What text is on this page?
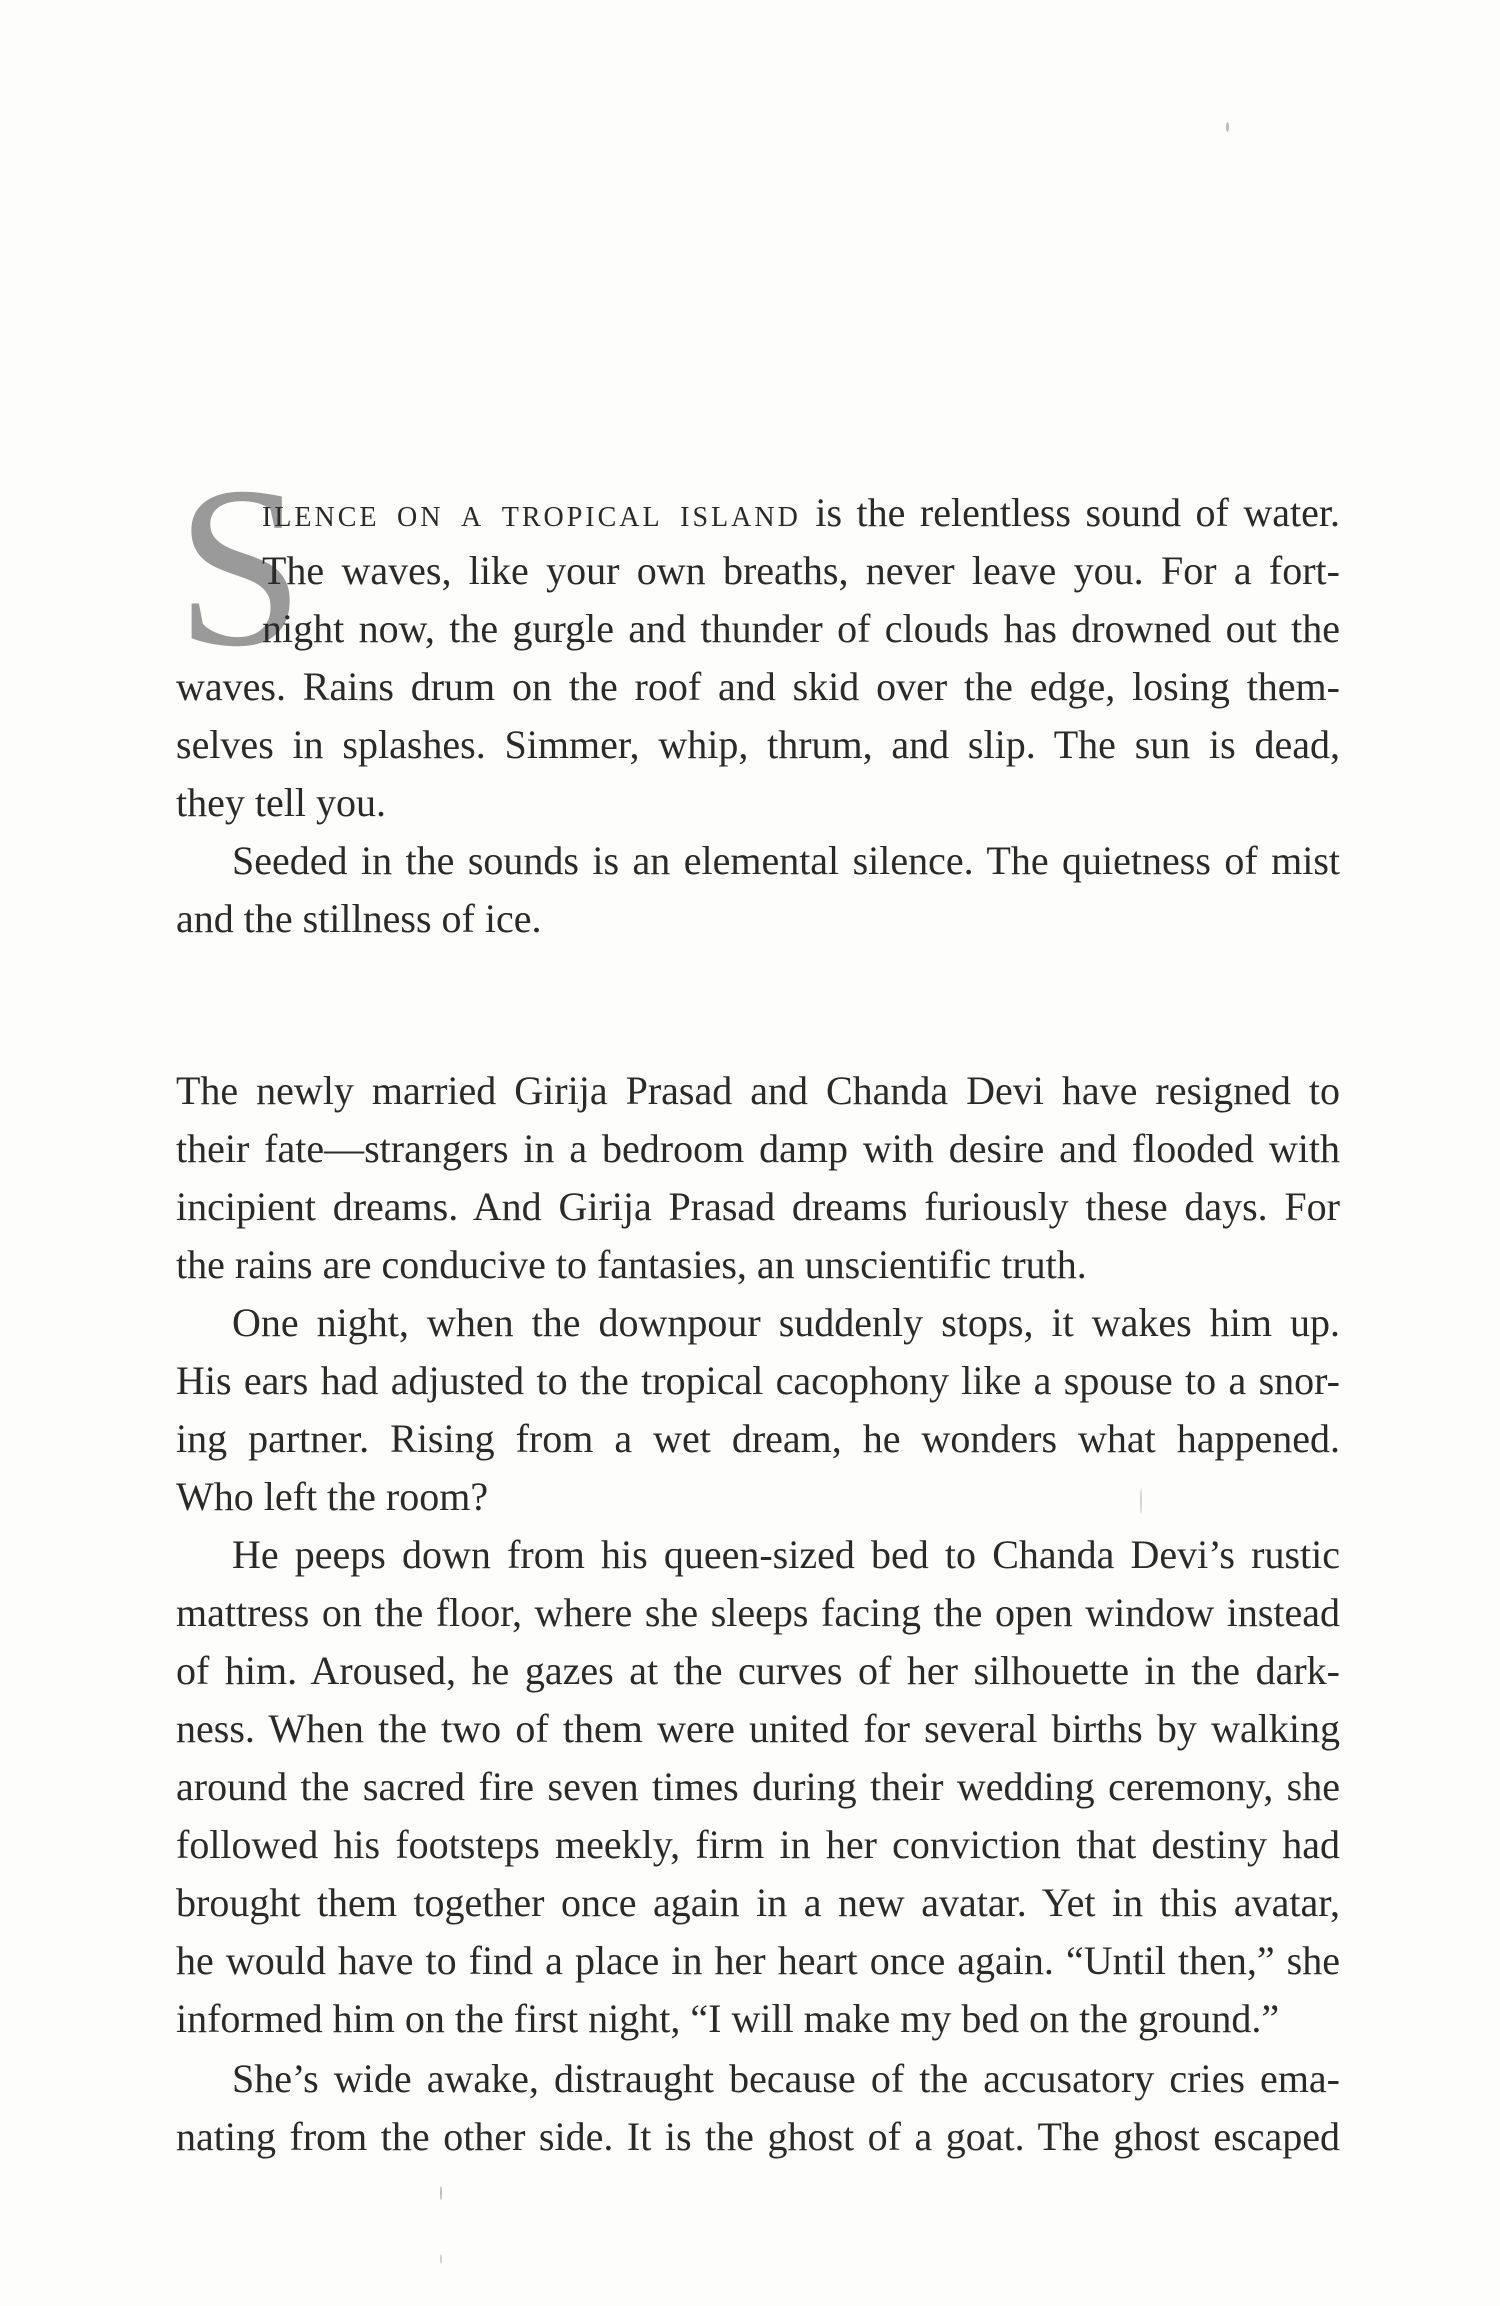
S
ilence on a tropical island is the relentless sound of water.
The waves, like your own breaths, never leave you. For a fort-
night now, the gurgle and thunder of clouds has drowned out the
waves. Rains drum on the roof and skid over the edge, losing them-
selves in splashes. Simmer, whip, thrum, and slip. The sun is dead,
they tell you.
Seeded in the sounds is an elemental silence. The quietness of mist
and the stillness of ice.
The newly married Girija Prasad and Chanda Devi have resigned to
their fate—strangers in a bedroom damp with desire and flooded with
incipient dreams. And Girija Prasad dreams furiously these days. For
the rains are conducive to fantasies, an unscientific truth.
One night, when the downpour suddenly stops, it wakes him up.
His ears had adjusted to the tropical cacophony like a spouse to a snor-
ing partner. Rising from a wet dream, he wonders what happened.
Who left the room?
He peeps down from his queen-sized bed to Chanda Devi’s rustic
mattress on the floor, where she sleeps facing the open window instead
of him. Aroused, he gazes at the curves of her silhouette in the dark-
ness. When the two of them were united for several births by walking
around the sacred fire seven times during their wedding ceremony, she
followed his footsteps meekly, firm in her conviction that destiny had
brought them together once again in a new avatar. Yet in this avatar,
he would have to find a place in her heart once again. “Until then,” she
informed him on the first night, “I will make my bed on the ground.”
She’s wide awake, distraught because of the accusatory cries ema-
nating from the other side. It is the ghost of a goat. The ghost escaped
